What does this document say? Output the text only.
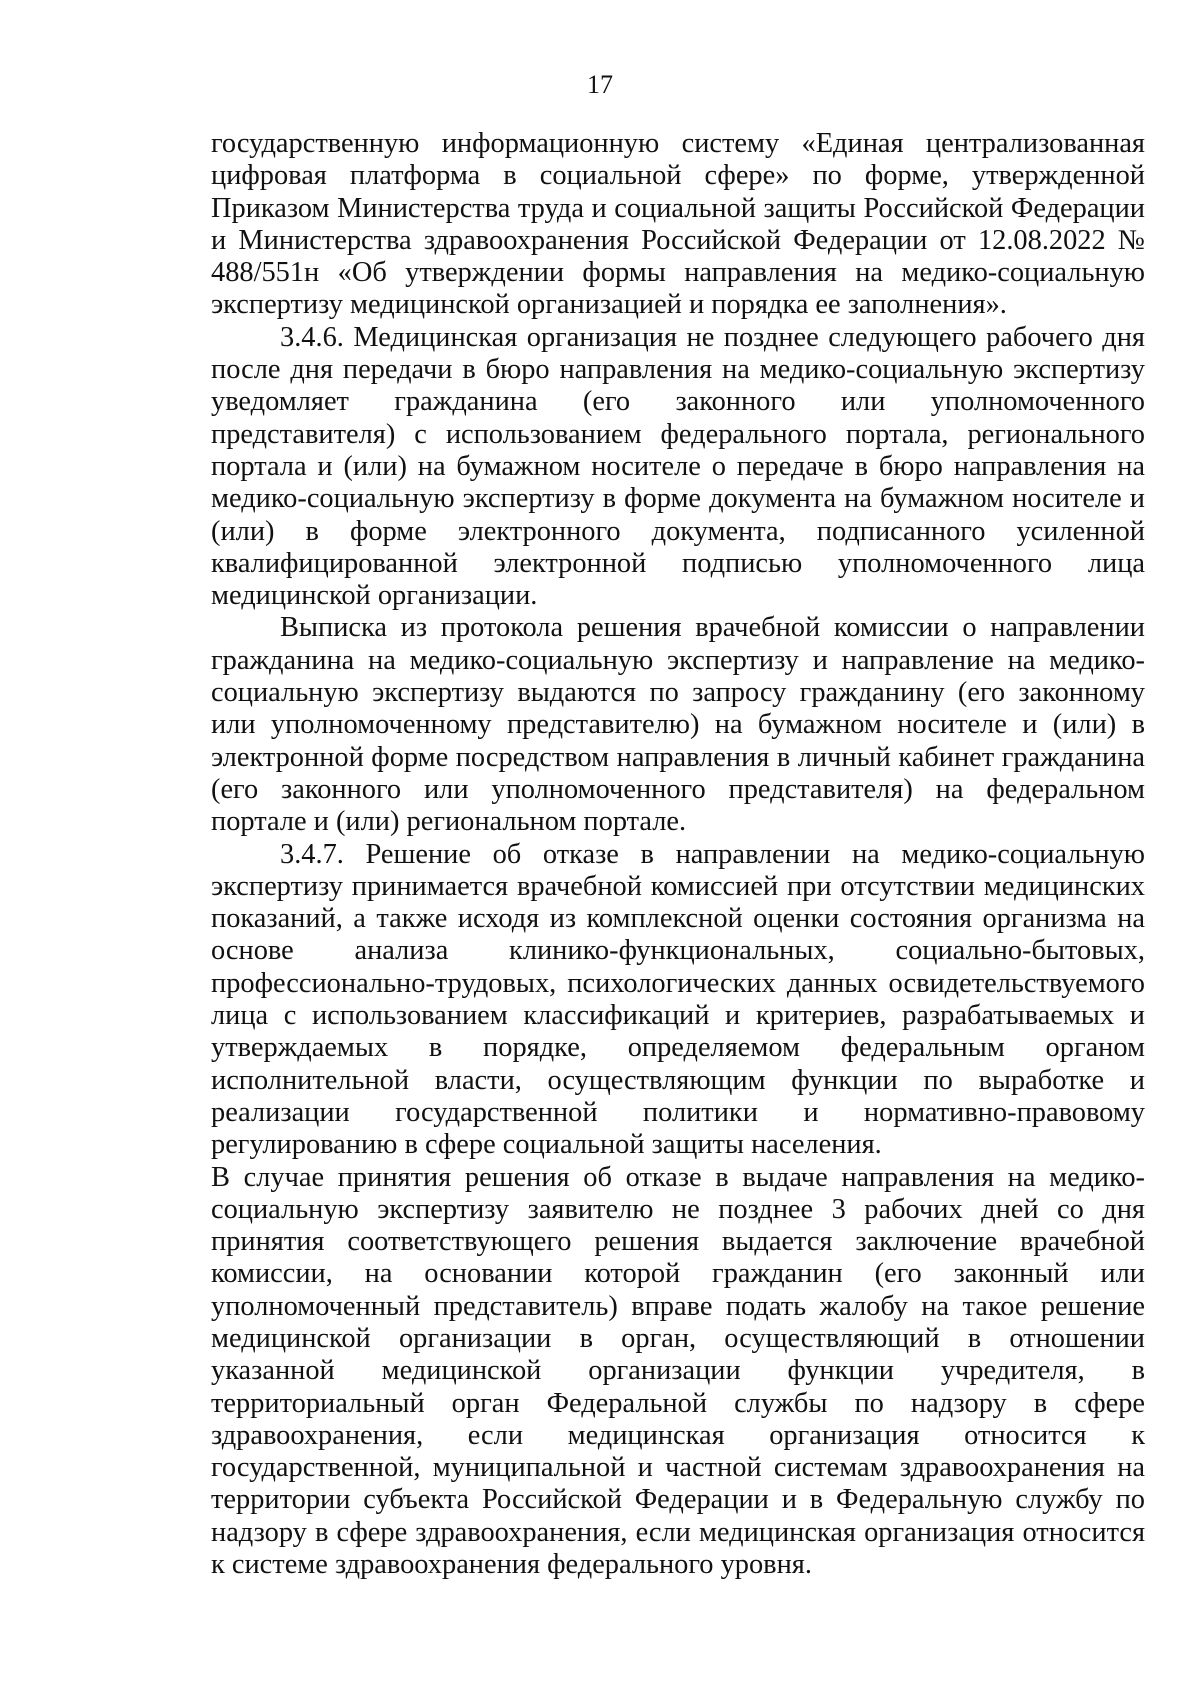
17

государственную информационную систему «Единая централизованная цифровая платформа в социальной сфере» по форме, утвержденной Приказом Министерства труда и социальной защиты Российской Федерации и Министерства здравоохранения Российской Федерации от 12.08.2022 № 488/551н «Об утверждении формы направления на медико-социальную экспертизу медицинской организацией и порядка ее заполнения».

3.4.6. Медицинская организация не позднее следующего рабочего дня после дня передачи в бюро направления на медико-социальную экспертизу уведомляет гражданина (его законного или уполномоченного представителя) с использованием федерального портала, регионального портала и (или) на бумажном носителе о передаче в бюро направления на медико-социальную экспертизу в форме документа на бумажном носителе и (или) в форме электронного документа, подписанного усиленной квалифицированной электронной подписью уполномоченного лица медицинской организации.

Выписка из протокола решения врачебной комиссии о направлении гражданина на медико-социальную экспертизу и направление на медико-социальную экспертизу выдаются по запросу гражданину (его законному или уполномоченному представителю) на бумажном носителе и (или) в электронной форме посредством направления в личный кабинет гражданина (его законного или уполномоченного представителя) на федеральном портале и (или) региональном портале.

3.4.7. Решение об отказе в направлении на медико-социальную экспертизу принимается врачебной комиссией при отсутствии медицинских показаний, а также исходя из комплексной оценки состояния организма на основе анализа клинико-функциональных, социально-бытовых, профессионально-трудовых, психологических данных освидетельствуемого лица с использованием классификаций и критериев, разрабатываемых и утверждаемых в порядке, определяемом федеральным органом исполнительной власти, осуществляющим функции по выработке и реализации государственной политики и нормативно-правовому регулированию в сфере социальной защиты населения.

В случае принятия решения об отказе в выдаче направления на медико-социальную экспертизу заявителю не позднее 3 рабочих дней со дня принятия соответствующего решения выдается заключение врачебной комиссии, на основании которой гражданин (его законный или уполномоченный представитель) вправе подать жалобу на такое решение медицинской организации в орган, осуществляющий в отношении указанной медицинской организации функции учредителя, в территориальный орган Федеральной службы по надзору в сфере здравоохранения, если медицинская организация относится к государственной, муниципальной и частной системам здравоохранения на территории субъекта Российской Федерации и в Федеральную службу по надзору в сфере здравоохранения, если медицинская организация относится к системе здравоохранения федерального уровня.
